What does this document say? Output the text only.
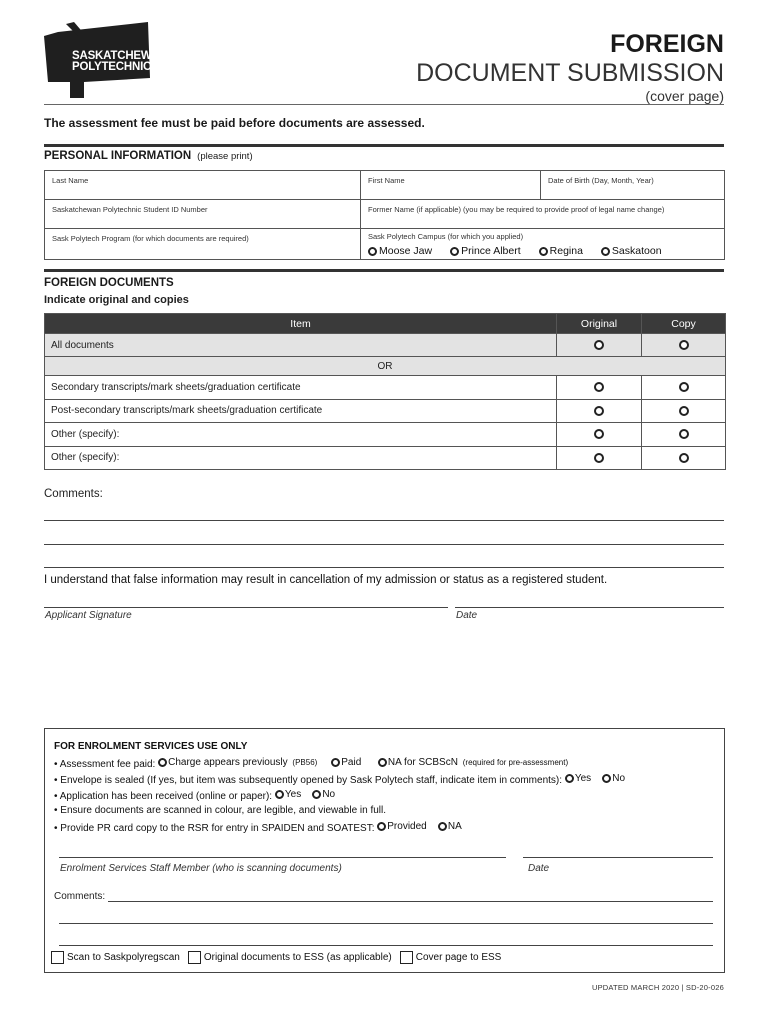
SASKATCHEWAN
POLYTECHNIC
FOREIGN
DOCUMENT SUBMISSION
(cover page)
The assessment fee must be paid before documents are assessed.
PERSONAL INFORMATION (please print)
Last Name	First Name	Date of Birth (Day, Month, Year)
Saskatchewan Polytechnic Student ID Number	Former Name (if applicable) (you may be required to provide proof of legal name change)	
Sask Polytech Program (for which documents are required)	Sask Polytech Campus (for which you applied)
Moose Jaw Prince Albert Regina Saskatoon	
FOREIGN DOCUMENTS
Indicate original and copies
Item	Original	Copy
All documents		
OR		
Secondary transcripts/mark sheets/graduation certificate		
Post-secondary transcripts/mark sheets/graduation certificate		
Other (specify):		
Other (specify):		
Comments:
I understand that false information may result in cancellation of my admission or status as a registered student.
Applicant Signature	Date
FOR ENROLMENT SERVICES USE ONLY
• Assessment fee paid: Charge appears previously
(PB56)
Paid
	NA for SCBScN
(required for pre-assessment)
• Envelope is sealed (If yes, but item was subsequently opened by Sask Polytech staff, indicate item in comments): Yes
No
• Application has been received (online or paper): Yes
No
• Ensure documents are scanned in colour, are legible, and viewable in full.
• Provide PR card copy to the RSR for entry in SPAIDEN and SOATEST: Provided
NA
Enrolment Services Staff Member (who is scanning documents)	Date
Comments:
Scan to Saskpolyregscan Original documents to ESS (as applicable) Cover page to ESS
UPDATED MARCH 2020 | SD-20-026
